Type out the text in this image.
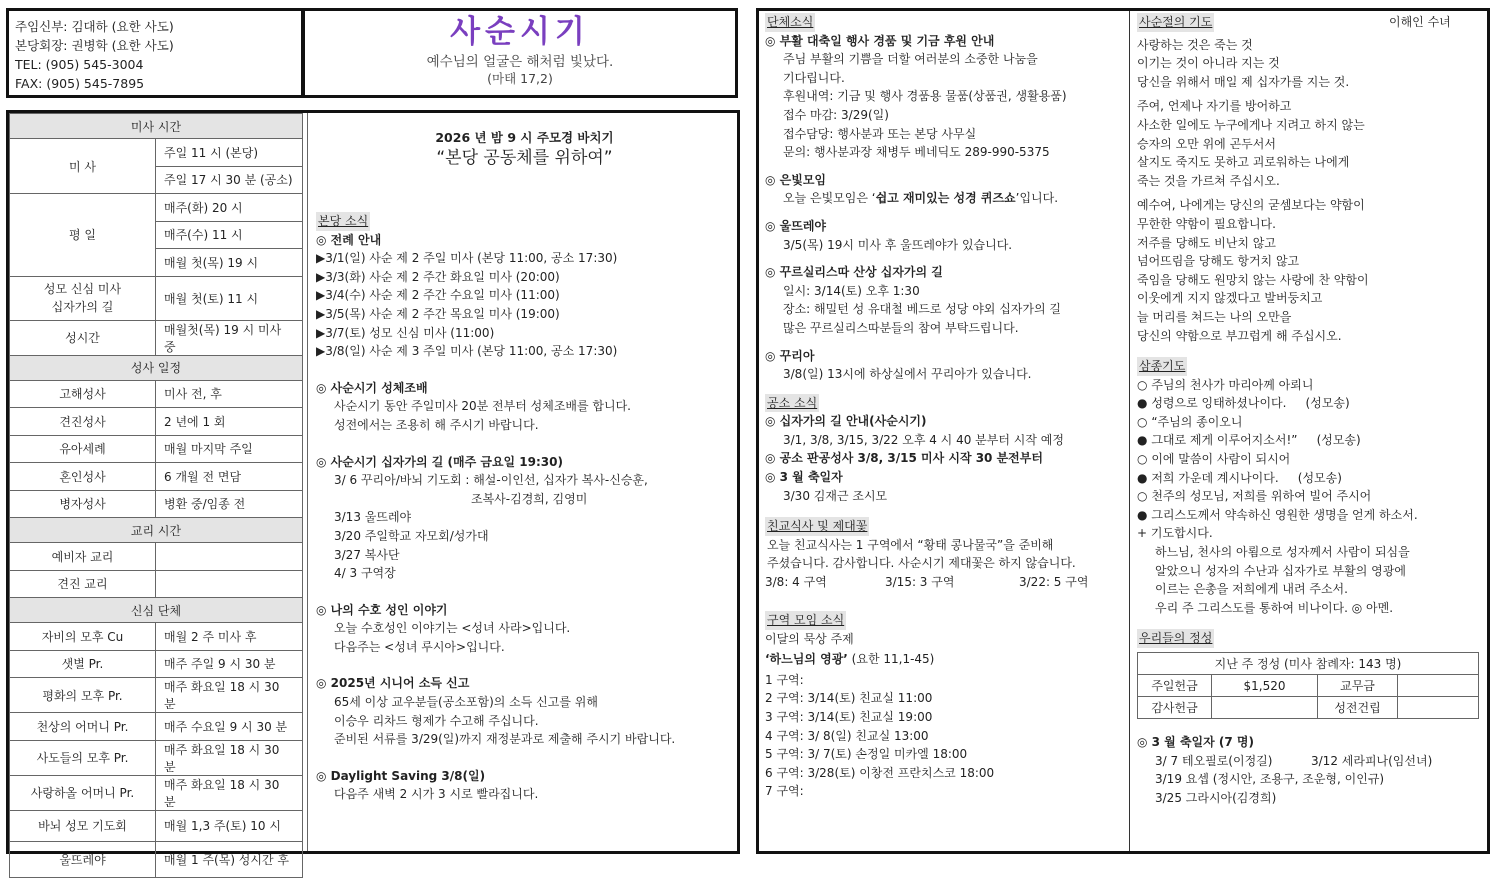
주임신부: 김대하 (요한 사도)
본당회장: 권병학 (요한 사도)
TEL: (905) 545-3004
FAX: (905) 545-7895
사순시기
예수님의 얼굴은 해처럼 빛났다.
(마태 17,2)
미사 시간	
미 사	주일 11 시 (본당)
	주일 17 시 30 분 (공소)
평 일	매주(화) 20 시
	매주(수) 11 시
	매월 첫(목) 19 시
성모 신심 미사
십자가의 길	매월 첫(토) 11 시
성시간	매월첫(목) 19 시 미사 중
성사 일정	
고해성사	미사 전, 후
견진성사	2 년에 1 회
유아세례	매월 마지막 주일
혼인성사	6 개월 전 면담
병자성사	병환 중/임종 전
교리 시간	
예비자 교리	
견진 교리	
신심 단체	
자비의 모후 Cu	매월 2 주 미사 후
샛별 Pr.	매주 주일 9 시 30 분
평화의 모후 Pr.	매주 화요일 18 시 30 분
천상의 어머니 Pr.	매주 수요일 9 시 30 분
사도들의 모후 Pr.	매주 화요일 18 시 30 분
사랑하올 어머니 Pr.	매주 화요일 18 시 30 분
바뇌 성모 기도회	매월 1,3 주(토) 10 시
울뜨레야	매월 1 주(목) 성시간 후
2026 년 밤 9 시 주모경 바치기
“본당 공동체를 위하여”
본당 소식
◎ 전례 안내
▶3/1(일) 사순 제 2 주일 미사 (본당 11:00, 공소 17:30)
▶3/3(화) 사순 제 2 주간 화요일 미사 (20:00)
▶3/4(수) 사순 제 2 주간 수요일 미사 (11:00)
▶3/5(목) 사순 제 2 주간 목요일 미사 (19:00)
▶3/7(토) 성모 신심 미사 (11:00)
▶3/8(일) 사순 제 3 주일 미사 (본당 11:00, 공소 17:30)
◎ 사순시기 성체조배
사순시기 동안 주일미사 20분 전부터 성체조배를 합니다.
성전에서는 조용히 해 주시기 바랍니다.
◎ 사순시기 십자가의 길 (매주 금요일 19:30)
3/ 6 꾸리아/바뇌 기도회 : 해설-이인선, 십자가 복사-신승훈,
조복사-김경희, 김영미
3/13 울뜨레야
3/20 주일학교 자모회/성가대
3/27 복사단
4/ 3 구역장
◎ 나의 수호 성인 이야기
오늘 수호성인 이야기는 <성녀 사라>입니다.
다음주는 <성녀 루시아>입니다.
◎ 2025년 시니어 소득 신고
65세 이상 교우분들(공소포함)의 소득 신고를 위해
이승우 리차드 형제가 수고해 주십니다.
준비된 서류를 3/29(일)까지 재정분과로 제출해 주시기 바랍니다.
◎ Daylight Saving 3/8(일)
다음주 새벽 2 시가 3 시로 빨라집니다.
단체소식
◎ 부활 대축일 행사 경품 및 기금 후원 안내
주님 부활의 기쁨을 더할 여러분의 소중한 나눔을
기다립니다.
후원내역: 기금 및 행사 경품용 물품(상품권, 생활용품)
접수 마감: 3/29(일)
접수담당: 행사분과 또는 본당 사무실
문의: 행사분과장 채병두 베네딕도 289-990-5375
◎ 은빛모임
오늘 은빛모임은 ‘쉽고 재미있는 성경 퀴즈쇼’입니다.
◎ 울뜨레야
3/5(목) 19시 미사 후 울뜨레야가 있습니다.
◎ 꾸르실리스따 산상 십자가의 길
일시: 3/14(토) 오후 1:30
장소: 해밀턴 성 유대철 베드로 성당 야외 십자가의 길
많은 꾸르실리스따분들의 참여 부탁드립니다.
◎ 꾸리아
3/8(일) 13시에 하상실에서 꾸리아가 있습니다.
공소 소식
◎ 십자가의 길 안내(사순시기)
3/1, 3/8, 3/15, 3/22 오후 4 시 40 분부터 시작 예정
◎ 공소 판공성사 3/8, 3/15 미사 시작 30 분전부터
◎ 3 월 축일자
3/30 김재근 조시모
친교식사 및 제대꽃
오늘 친교식사는 1 구역에서 “황태 콩나물국”을 준비해
주셨습니다. 감사합니다. 사순시기 제대꽃은 하지 않습니다.
3/8: 4 구역	3/15: 3 구역	3/22: 5 구역
구역 모임 소식
이달의 묵상 주제
‘하느님의 영광’ (요한 11,1-45)
1 구역:
2 구역: 3/14(토) 친교실 11:00
3 구역: 3/14(토) 친교실 19:00
4 구역: 3/ 8(일) 친교실 13:00
5 구역: 3/ 7(토) 손정일 미카엘 18:00
6 구역: 3/28(토) 이창전 프란치스코 18:00
7 구역:
사순절의 기도	이해인 수녀
사랑하는 것은 죽는 것
이기는 것이 아니라 지는 것
당신을 위해서 매일 제 십자가를 지는 것.
주여, 언제나 자기를 방어하고
사소한 일에도 누구에게나 지려고 하지 않는
승자의 오만 위에 곤두서서
살지도 죽지도 못하고 괴로워하는 나에게
죽는 것을 가르쳐 주십시오.
예수여, 나에게는 당신의 굳셈보다는 약함이
무한한 약함이 필요합니다.
저주를 당해도 비난치 않고
넘어뜨림을 당해도 항거치 않고
죽임을 당해도 원망치 않는 사랑에 찬 약함이
이웃에게 지지 않겠다고 발버둥치고
늘 머리를 쳐드는 나의 오만을
당신의 약함으로 부끄럽게 해 주십시오.
삼종기도
○ 주님의 천사가 마리아께 아뢰니
● 성령으로 잉태하셨나이다. (성모송)
○ “주님의 종이오니
● 그대로 제게 이루어지소서!” (성모송)
○ 이에 말씀이 사람이 되시어
● 저희 가운데 계시나이다. (성모송)
○ 천주의 성모님, 저희를 위하여 빌어 주시어
● 그리스도께서 약속하신 영원한 생명을 얻게 하소서.
+ 기도합시다.
하느님, 천사의 아룀으로 성자께서 사람이 되심을
알았으니 성자의 수난과 십자가로 부활의 영광에
이르는 은총을 저희에게 내려 주소서.
우리 주 그리스도를 통하여 비나이다. ◎ 아멘.
우리들의 정성
지난 주 정성 (미사 참례자: 143 명)			
주일헌금	$1,520	교무금	
감사헌금		성전건립	
◎ 3 월 축일자 (7 명)
3/ 7 테오필로(이정길)	3/12 세라피나(임선녀)
3/19 요셉 (정시안, 조용구, 조운형, 이인규)
3/25 그라시아(김경희)
